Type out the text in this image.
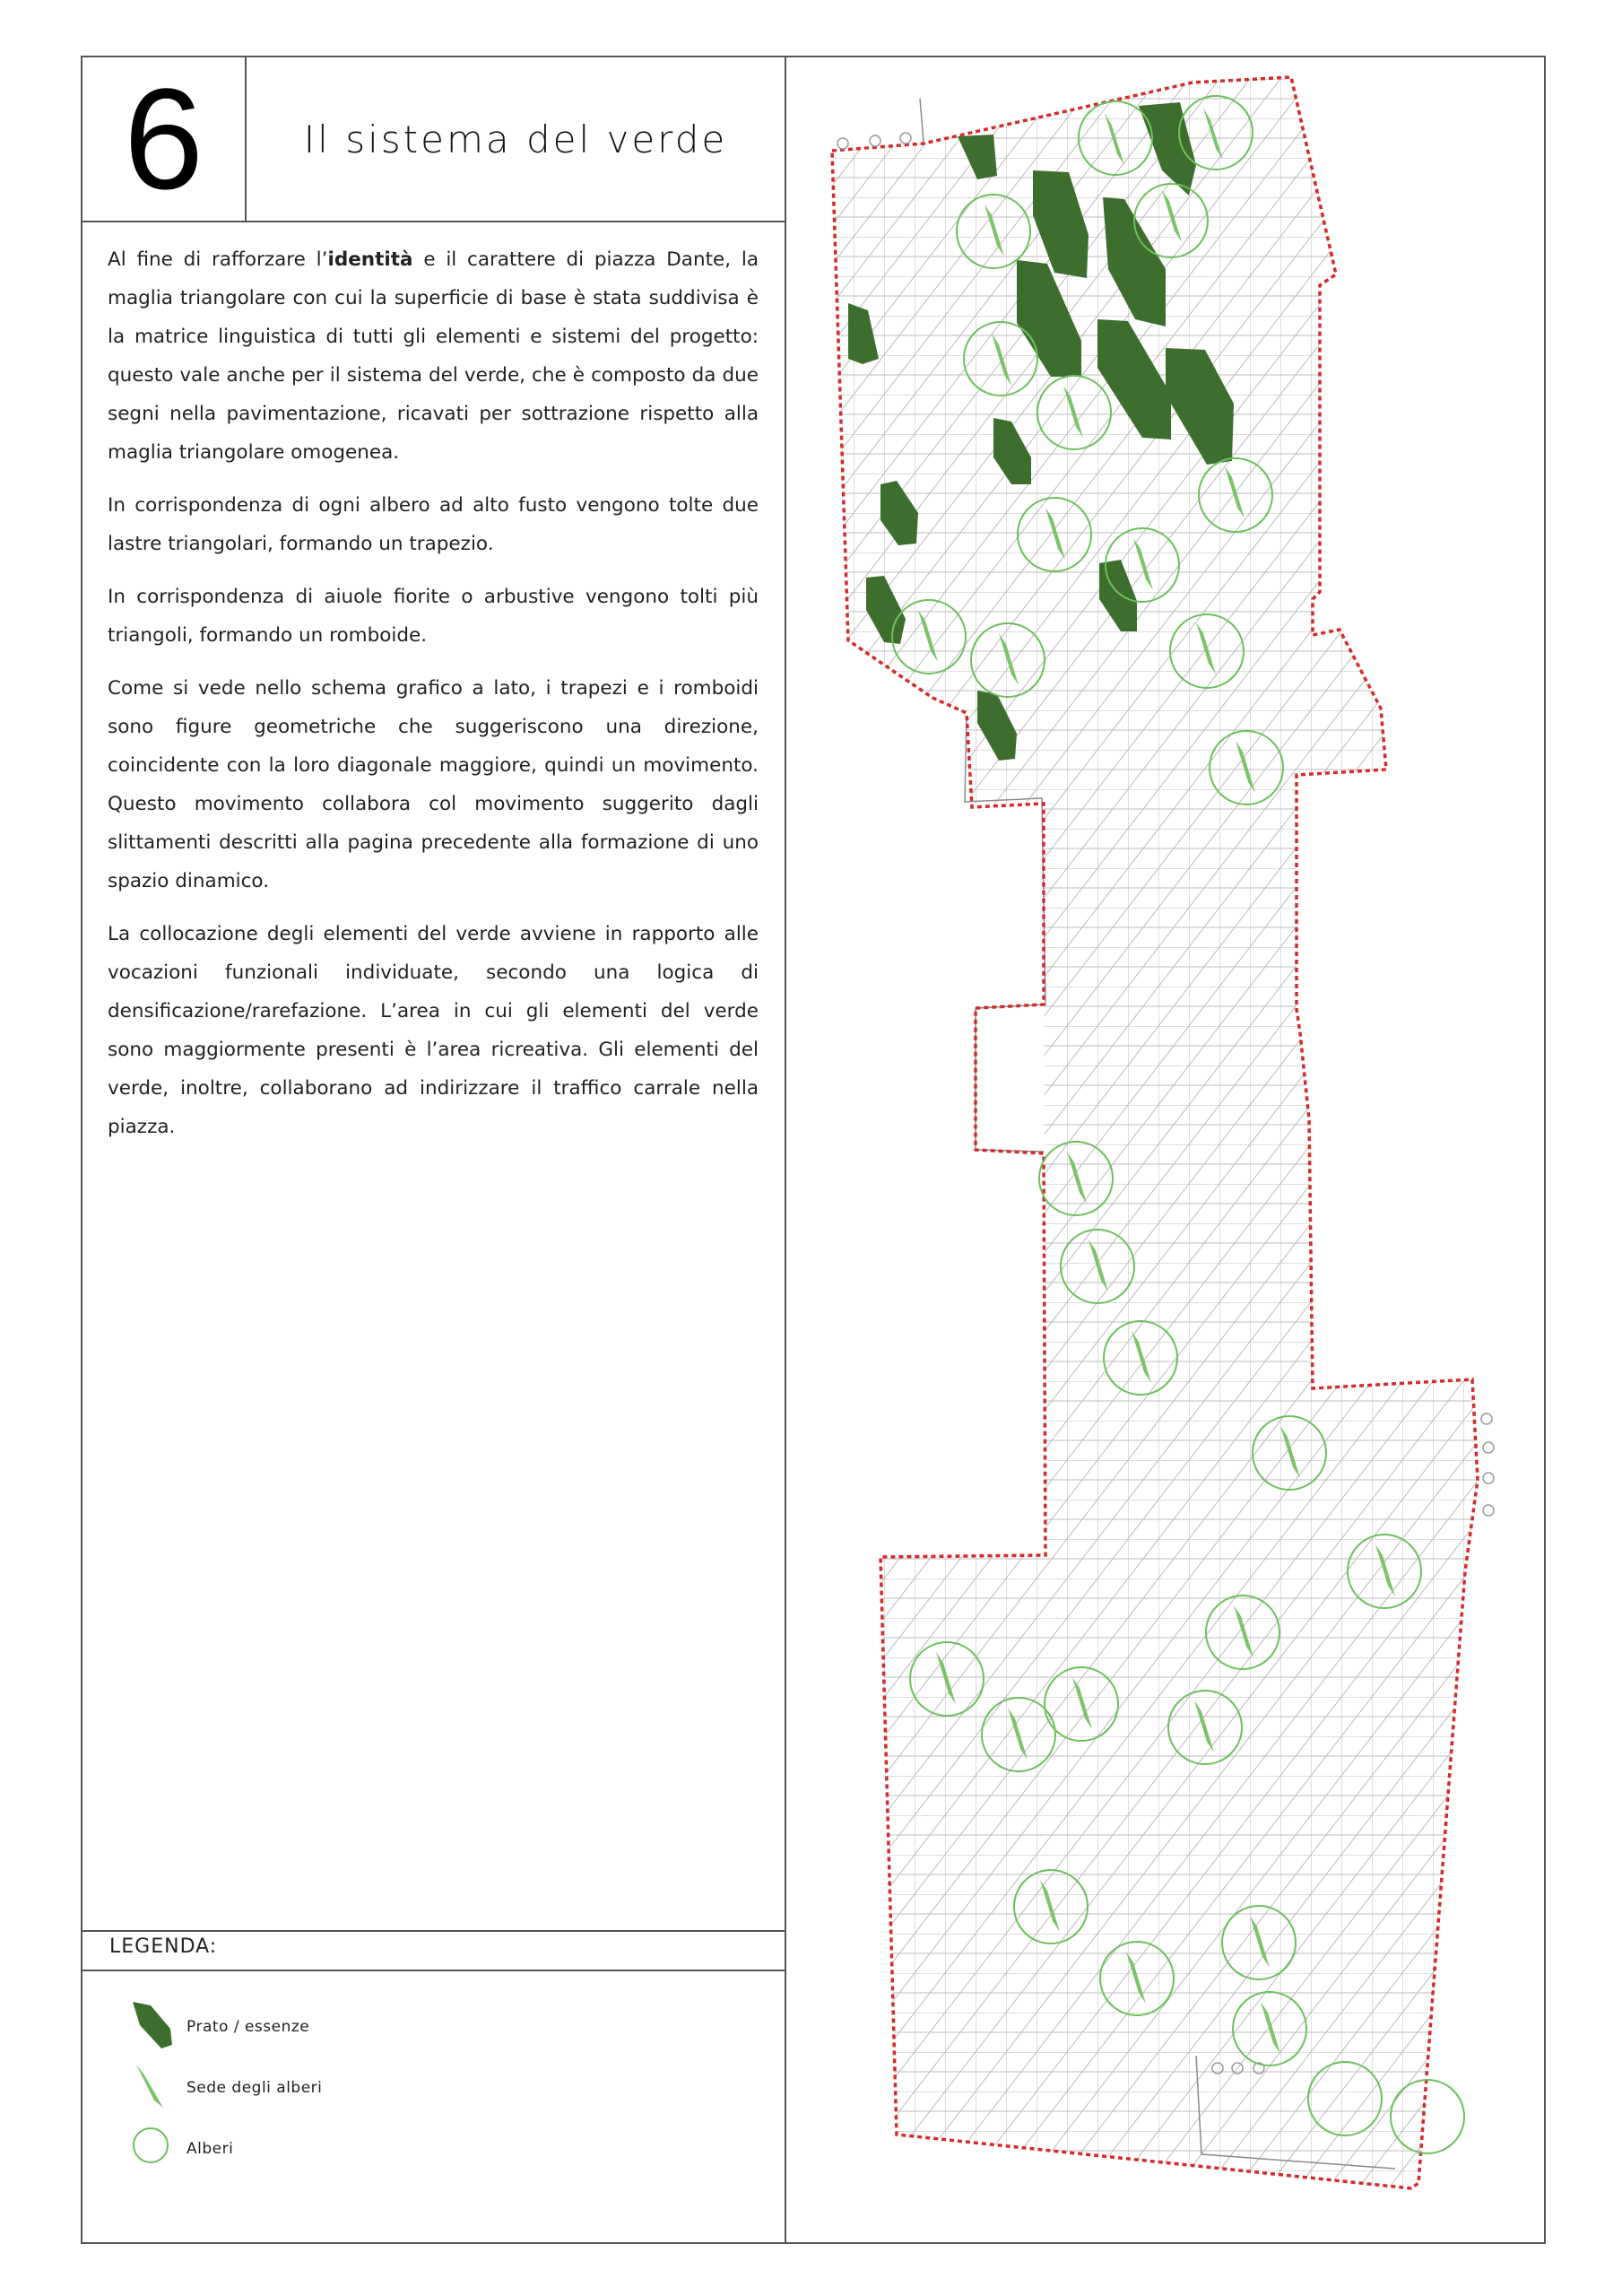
6	Il sistema del verde

Al fine di rafforzare l’identità e il carattere di piazza Dante, la maglia triangolare con cui la superficie di base è stata suddivisa è la matrice linguistica di tutti gli elementi e sistemi del progetto: questo vale anche per il sistema del verde, che è composto da due segni nella pavimentazione, ricavati per sottrazione rispetto alla maglia triangolare omogenea.

In corrispondenza di ogni albero ad alto fusto vengono tolte due lastre triangolari, formando un trapezio.

In corrispondenza di aiuole fiorite o arbustive vengono tolti più triangoli, formando un romboide.

Come si vede nello schema grafico a lato, i trapezi e i romboidi sono figure geometriche che suggeriscono una direzione, coincidente con la loro diagonale maggiore, quindi un movimento. Questo movimento collabora col movimento suggerito dagli slittamenti descritti alla pagina precedente alla formazione di uno spazio dinamico.

La collocazione degli elementi del verde avviene in rapporto alle vocazioni funzionali individuate, secondo una logica di densificazione/rarefazione. L’area in cui gli elementi del verde sono maggiormente presenti è l’area ricreativa. Gli elementi del verde, inoltre, collaborano ad indirizzare il traffico carrale nella piazza.

LEGENDA:
Prato / essenze
Sede degli alberi
Alberi
